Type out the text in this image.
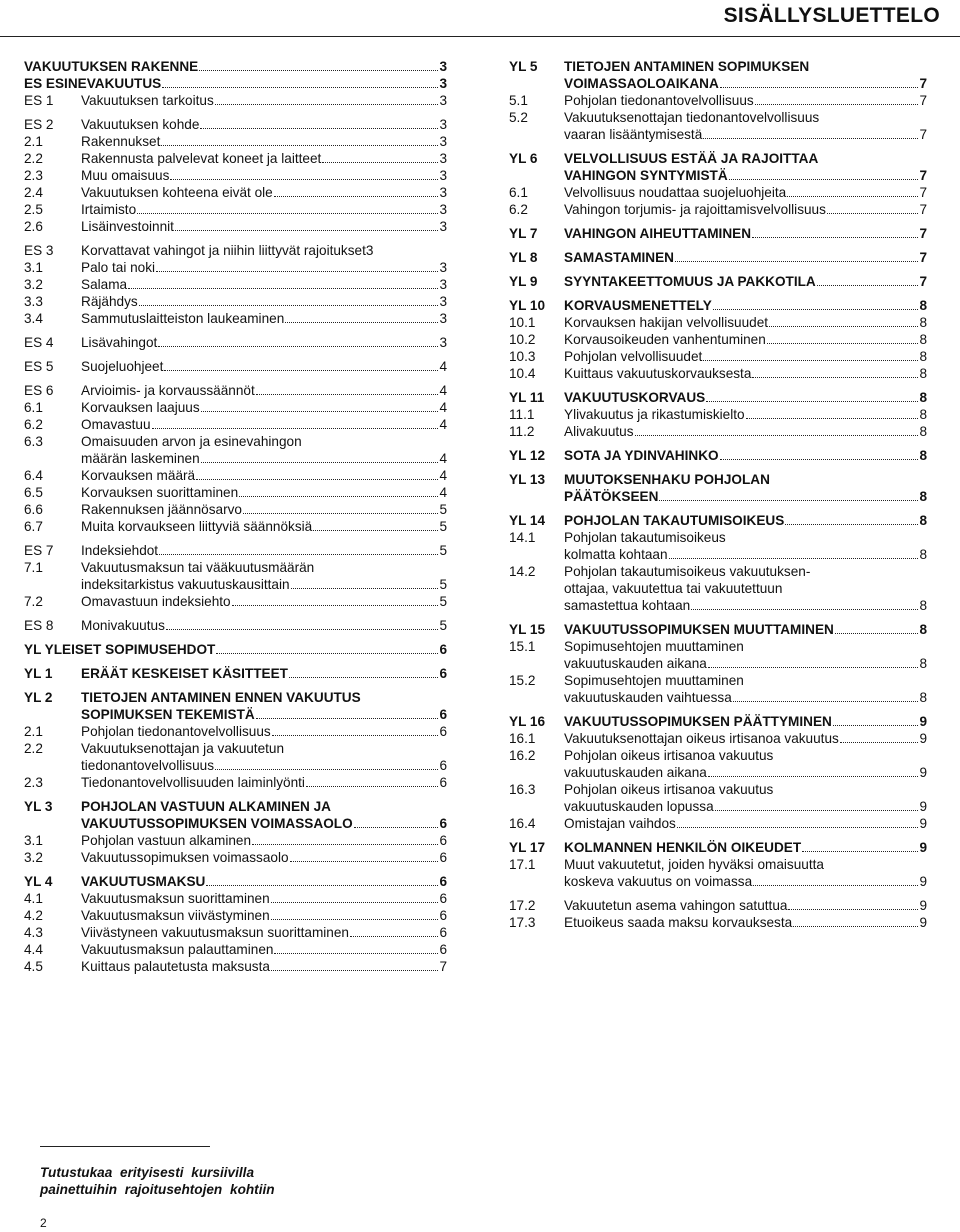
SISÄLLYSLUETTELO
VAKUUTUKSEN RAKENNE	3
ES ESINEVAKUUTUS	3
ES 1	Vakuutuksen tarkoitus	3
ES 2	Vakuutuksen kohde	3
2.1	Rakennukset	3
2.2	Rakennusta palvelevat koneet ja laitteet	3
2.3	Muu omaisuus	3
2.4	Vakuutuksen kohteena eivät ole	3
2.5	Irtaimisto	3
2.6	Lisäinvestoinnit	3
ES 3	Korvattavat vahingot ja niihin liittyvät rajoitukset3
3.1	Palo tai noki	3
3.2	Salama	3
3.3	Räjähdys	3
3.4	Sammutuslaitteiston laukeaminen	3
ES 4	Lisävahingot	3
ES 5	Suojeluohjeet	4
ES 6	Arvioimis- ja korvaussäännöt	4
6.1	Korvauksen laajuus	4
6.2	Omavastuu	4
6.3	Omaisuuden arvon ja esinevahingon
määrän laskeminen	4
6.4	Korvauksen määrä	4
6.5	Korvauksen suorittaminen	4
6.6	Rakennuksen jäännösarvo	5
6.7	Muita korvaukseen liittyviä säännöksiä	5
ES 7	Indeksiehdot	5
7.1	Vakuutusmaksun tai vääkuutusmäärän
indeksitarkistus vakuutuskausittain	5
7.2	Omavastuun indeksiehto	5
ES 8	Monivakuutus	5
YL YLEISET SOPIMUSEHDOT	6
YL 1	ERÄÄT KESKEISET KÄSITTEET	6
YL 2	TIETOJEN ANTAMINEN ENNEN VAKUUTUS
SOPIMUKSEN TEKEMISTÄ	6
2.1	Pohjolan tiedonantovelvollisuus	6
2.2	Vakuutuksenottajan ja vakuutetun
tiedonantovelvollisuus	6
2.3	Tiedonantovelvollisuuden laiminlyönti	6
YL 3	POHJOLAN VASTUUN ALKAMINEN JA
VAKUUTUSSOPIMUKSEN VOIMASSAOLO	6
3.1	Pohjolan vastuun alkaminen	6
3.2	Vakuutussopimuksen voimassaolo	6
YL 4	VAKUUTUSMAKSU	6
4.1	Vakuutusmaksun suorittaminen	6
4.2	Vakuutusmaksun viivästyminen	6
4.3	Viivästyneen vakuutusmaksun suorittaminen	6
4.4	Vakuutusmaksun palauttaminen	6
4.5	Kuittaus palautetusta maksusta	7
YL 5	TIETOJEN ANTAMINEN SOPIMUKSEN
VOIMASSAOLOAIKANA	7
5.1	Pohjolan tiedonantovelvollisuus	7
5.2	Vakuutuksenottajan tiedonantovelvollisuus
vaaran lisääntymisestä	7
YL 6	VELVOLLISUUS ESTÄÄ JA RAJOITTAA
VAHINGON SYNTYMISTÄ	7
6.1	Velvollisuus noudattaa suojeluohjeita	7
6.2	Vahingon torjumis- ja rajoittamisvelvollisuus	7
YL 7	VAHINGON AIHEUTTAMINEN	7
YL 8	SAMASTAMINEN	7
YL 9	SYYNTAKEETTOMUUS JA PAKKOTILA	7
YL 10	KORVAUSMENETTELY	8
10.1	Korvauksen hakijan velvollisuudet	8
10.2	Korvausoikeuden vanhentuminen	8
10.3	Pohjolan velvollisuudet	8
10.4	Kuittaus vakuutuskorvauksesta	8
YL 11	VAKUUTUSKORVAUS	8
11.1	Ylivakuutus ja rikastumiskielto	8
11.2	Alivakuutus	8
YL 12	SOTA JA YDINVAHINKO	8
YL 13	MUUTOKSENHAKU POHJOLAN
PÄÄTÖKSEEN	8
YL 14	POHJOLAN TAKAUTUMISOIKEUS	8
14.1	Pohjolan takautumisoikeus
kolmatta kohtaan	8
14.2	Pohjolan takautumisoikeus vakuutuksen-
ottajaa, vakuutettua tai vakuutettuun
samastettua kohtaan	8
YL 15	VAKUUTUSSOPIMUKSEN MUUTTAMINEN	8
15.1	Sopimusehtojen muuttaminen
vakuutuskauden aikana	8
15.2	Sopimusehtojen muuttaminen
vakuutuskauden vaihtuessa	8
YL 16	VAKUUTUSSOPIMUKSEN PÄÄTTYMINEN	9
16.1	Vakuutuksenottajan oikeus irtisanoa vakuutus	9
16.2	Pohjolan oikeus irtisanoa vakuutus
vakuutuskauden aikana	9
16.3	Pohjolan oikeus irtisanoa vakuutus
vakuutuskauden lopussa	9
16.4	Omistajan vaihdos	9
YL 17	KOLMANNEN HENKILÖN OIKEUDET	9
17.1	Muut vakuutetut, joiden hyväksi omaisuutta
koskeva vakuutus on voimassa	9
17.2	Vakuutetun asema vahingon satuttua	9
17.3	Etuoikeus saada maksu korvauksesta	9
Tutustukaa erityisesti kursiivilla
painettuihin rajoitusehtojen kohtiin
2
